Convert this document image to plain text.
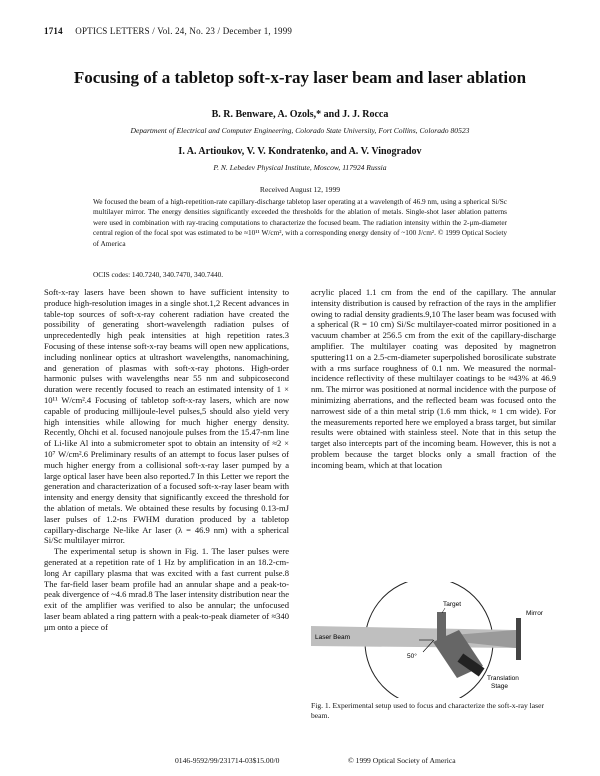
1714 OPTICS LETTERS / Vol. 24, No. 23 / December 1, 1999
Focusing of a tabletop soft-x-ray laser beam and laser ablation
B. R. Benware, A. Ozols,* and J. J. Rocca
Department of Electrical and Computer Engineering, Colorado State University, Fort Collins, Colorado 80523
I. A. Artioukov, V. V. Kondratenko, and A. V. Vinogradov
P. N. Lebedev Physical Institute, Moscow, 117924 Russia
Received August 12, 1999
We focused the beam of a high-repetition-rate capillary-discharge tabletop laser operating at a wavelength of 46.9 nm, using a spherical Si/Sc multilayer mirror. The energy densities significantly exceeded the thresholds for the ablation of metals. Single-shot laser ablation patterns were used in combination with ray-tracing computations to characterize the focused beam. The radiation intensity within the 2-μm-diameter central region of the focal spot was estimated to be ≈10¹¹ W/cm², with a corresponding energy density of ~100 J/cm². © 1999 Optical Society of America
OCIS codes: 140.7240, 340.7470, 340.7440.

Soft-x-ray lasers have been shown to have sufficient intensity to produce high-resolution images in a single shot.1,2 Recent advances in table-top sources of soft-x-ray coherent radiation have created the possibility of generating short-wavelength radiation pulses of unprecedentedly high peak intensities at high repetition rates.3 Focusing of these intense soft-x-ray beams will open new applications, including nonlinear optics at ultrashort wavelengths, nanomachining, and generation of plasmas with soft-x-ray photons. High-order harmonic pulses with wavelengths near 55 nm and subpicosecond duration were recently focused to reach an estimated intensity of 1 × 10¹¹ W/cm².4 Focusing of tabletop soft-x-ray lasers, which are now capable of producing millijoule-level pulses,5 should also yield very high intensities while allowing for much higher energy density. Recently, Ohchi et al. focused nanojoule pulses from the 15.47-nm line of Li-like Al into a submicrometer spot to obtain an intensity of ≈2 × 10⁷ W/cm².6 Preliminary results of an attempt to focus laser pulses of much higher energy from a collisional soft-x-ray laser pumped by a large optical laser have been also reported.7 In this Letter we report the generation and characterization of a focused soft-x-ray laser beam with intensity and energy density that significantly exceed the threshold for the ablation of metals. We obtained these results by focusing 0.13-mJ laser pulses of 1.2-ns FWHM duration produced by a tabletop capillary-discharge Ne-like Ar laser (λ = 46.9 nm) with a spherical Si/Sc multilayer mirror.

The experimental setup is shown in Fig. 1. The laser pulses were generated at a repetition rate of 1 Hz by amplification in an 18.2-cm-long Ar capillary plasma that was excited with a fast current pulse.8 The far-field laser beam profile had an annular shape and a peak-to-peak divergence of ~4.6 mrad.8 The laser intensity distribution near the exit of the amplifier was verified to also be annular; the unfocused laser beam ablated a ring pattern with a peak-to-peak diameter of ≈340 μm onto a piece of

acrylic placed 1.1 cm from the end of the capillary. The annular intensity distribution is caused by refraction of the rays in the amplifier owing to radial density gradients.9,10 The laser beam was focused with a spherical (R = 10 cm) Si/Sc multilayer-coated mirror positioned in a vacuum chamber at 256.5 cm from the exit of the capillary-discharge amplifier. The multilayer coating was deposited by magnetron sputtering11 on a 2.5-cm-diameter superpolished borosilicate substrate with a rms surface roughness of 0.1 nm. We measured the normal-incidence reflectivity of these multilayer coatings to be ≈43% at 46.9 nm. The mirror was positioned at normal incidence with the purpose of minimizing aberrations, and the reflected beam was focused onto the narrowest side of a thin metal strip (1.6 mm thick, ≈ 1 cm wide). For the measurements reported here we employed a brass target, but similar results were obtained with stainless steel. Note that in this setup the target also intercepts part of the incoming beam. However, this is not a problem because the target blocks only a small fraction of the incoming beam, which at that location

Target
Mirror
Laser Beam
50°
Translation
Stage
Fig. 1. Experimental setup used to focus and characterize the soft-x-ray laser beam.
0146-9592/99/231714-03$15.00/0	© 1999 Optical Society of America
